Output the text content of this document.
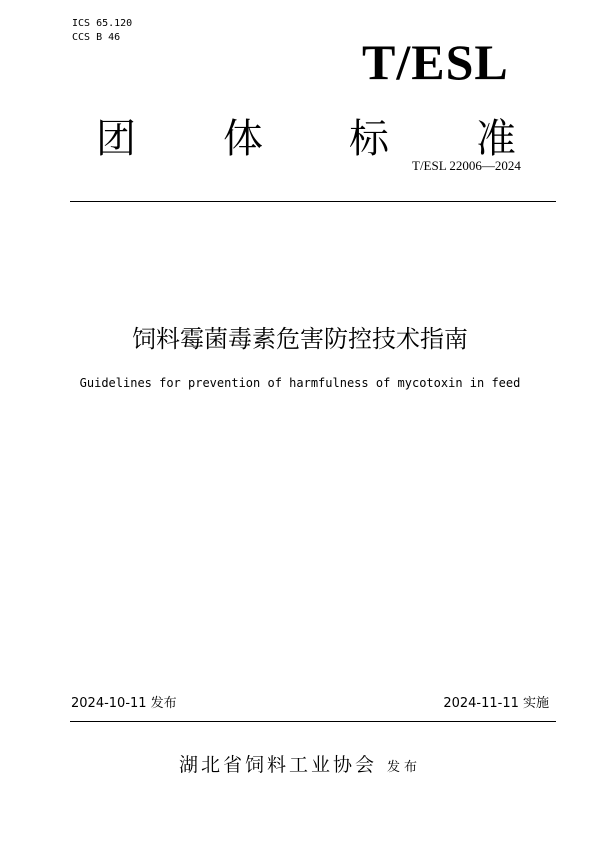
ICS 65.120
CCS B 46	T/ESL
团 体 标 准
T/ESL 22006—2024
饲料霉菌毒素危害防控技术指南
Guidelines for prevention of harmfulness of mycotoxin in feed
2024-10-11 发布	2024-11-11 实施
湖北省饲料工业协会 发布
